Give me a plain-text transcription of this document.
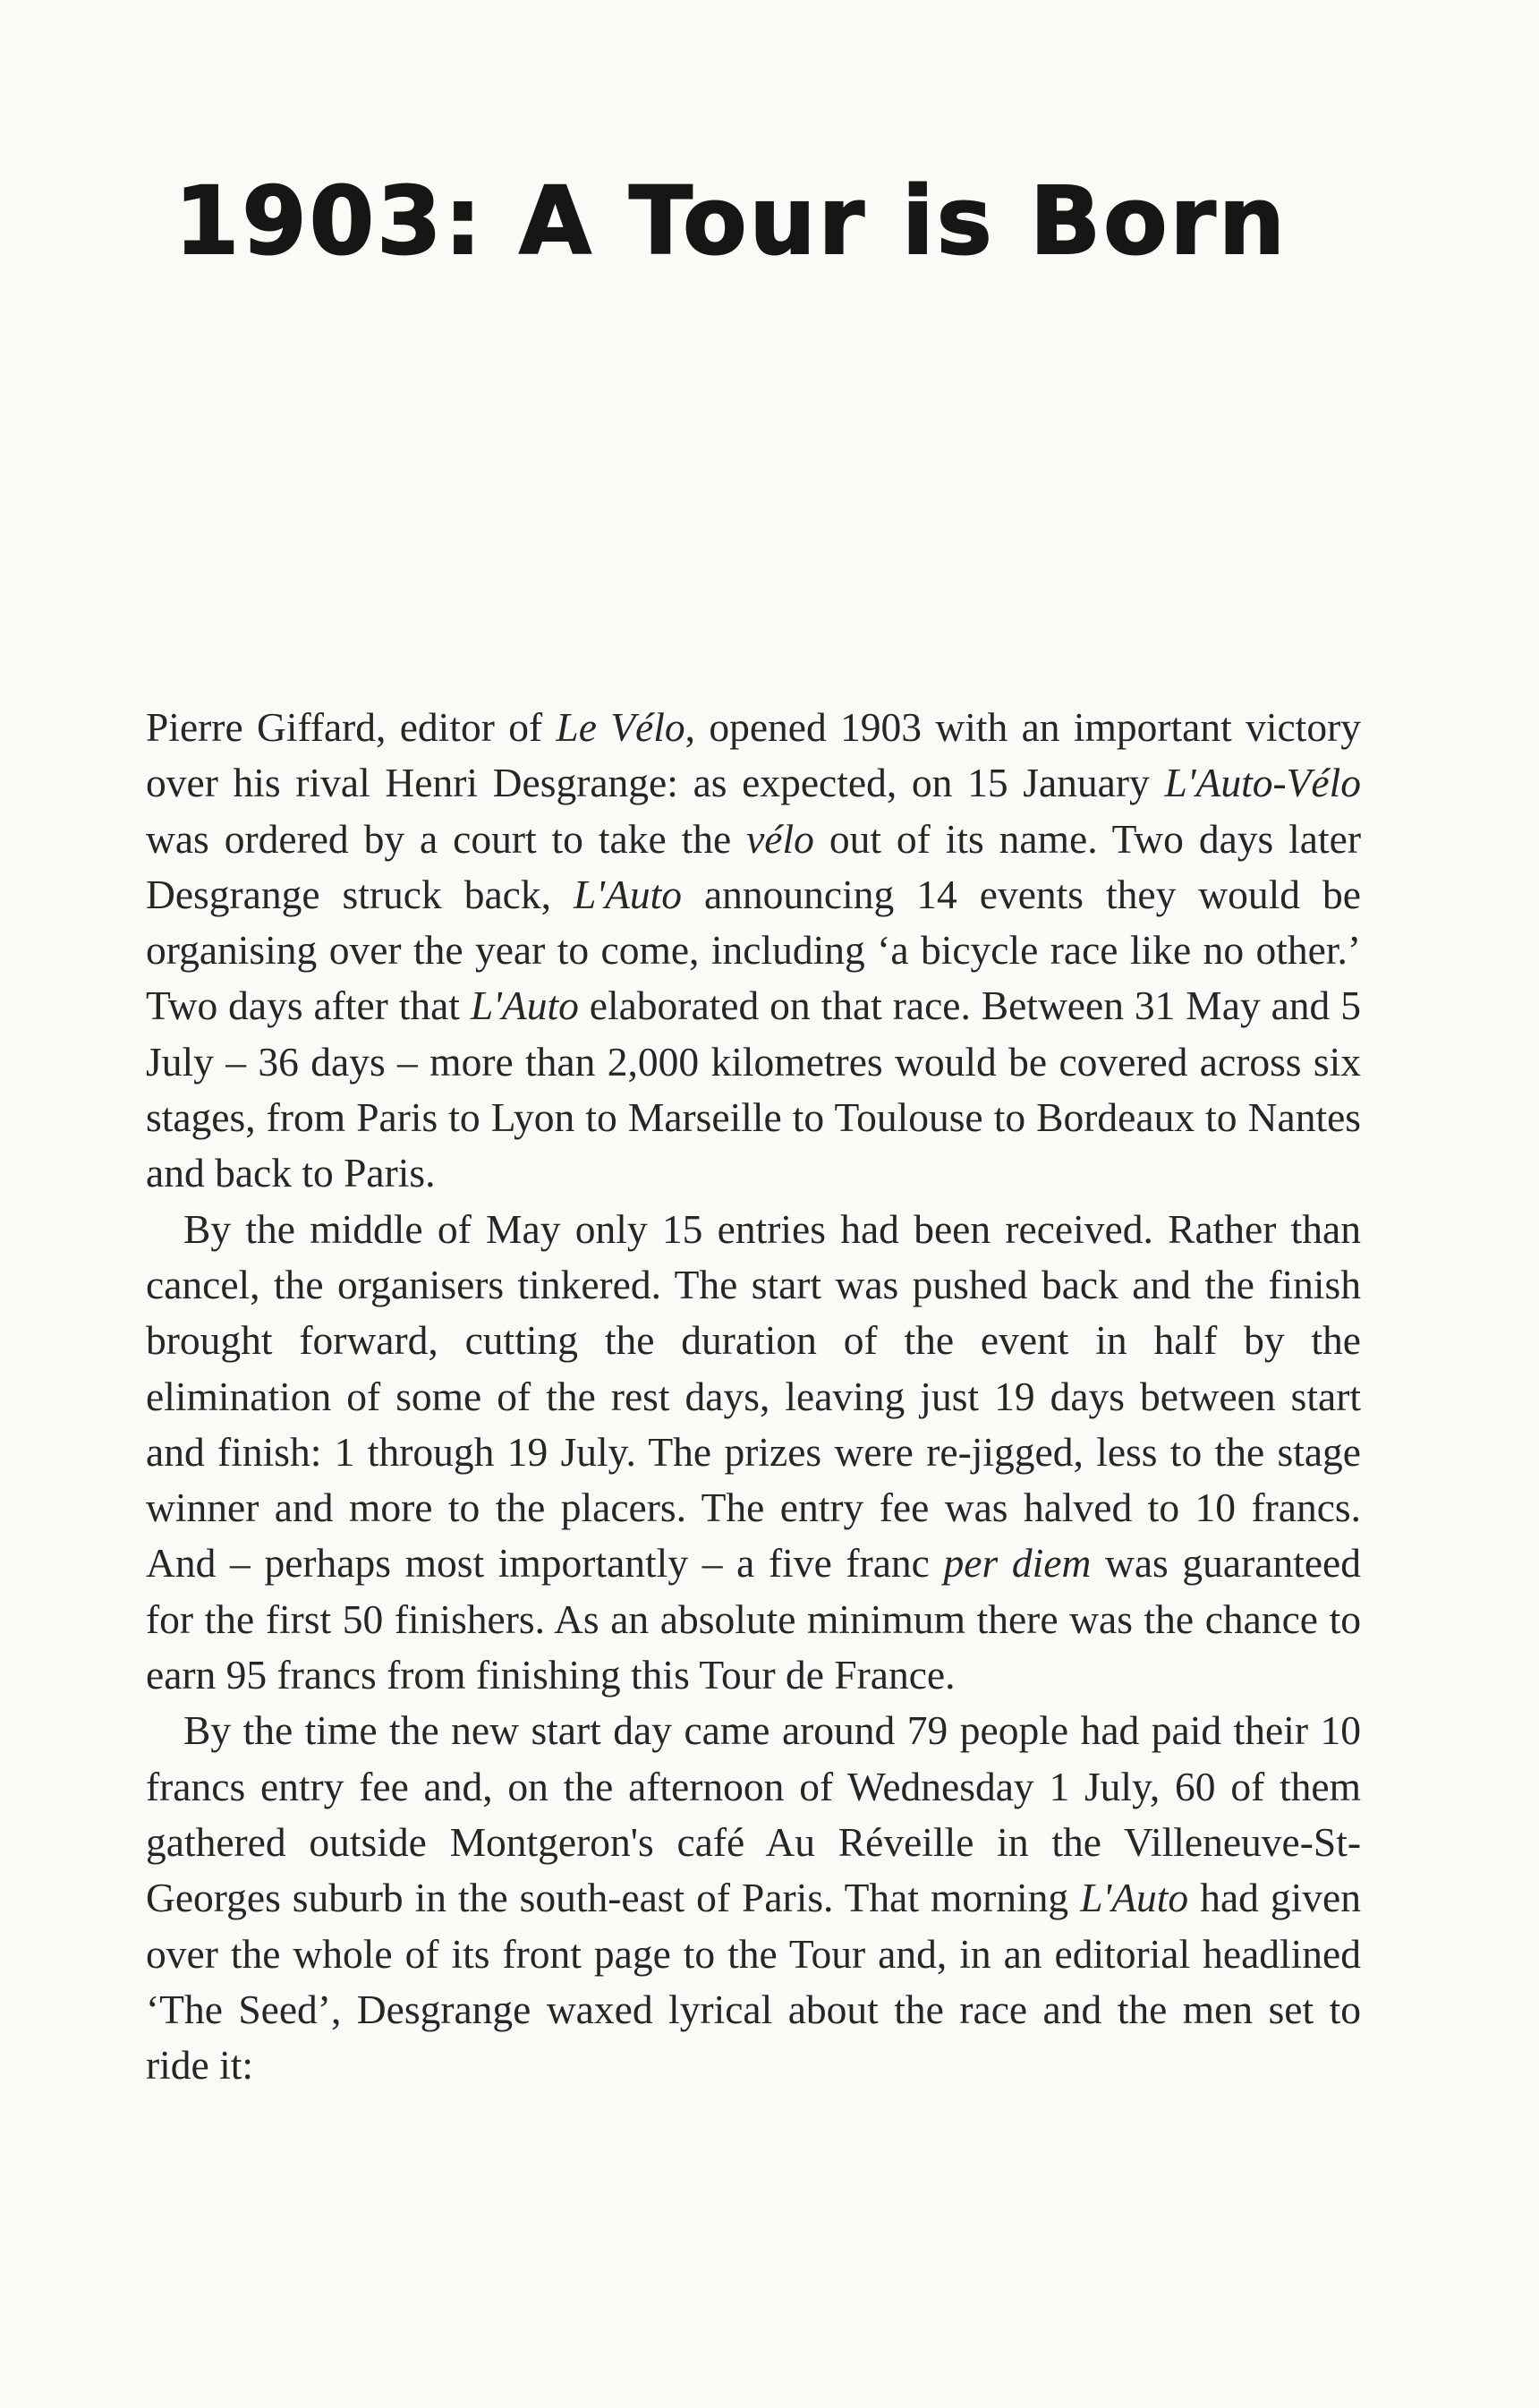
1903: A Tour is Born

Pierre Giffard, editor of Le Vélo, opened 1903 with an important victory over his rival Henri Desgrange: as expected, on 15 January L'Auto-Vélo was ordered by a court to take the vélo out of its name. Two days later Desgrange struck back, L'Auto announcing 14 events they would be organising over the year to come, including ‘a bicycle race like no other.’ Two days after that L'Auto elaborated on that race. Between 31 May and 5 July – 36 days – more than 2,000 kilometres would be covered across six stages, from Paris to Lyon to Marseille to Toulouse to Bordeaux to Nantes and back to Paris.

By the middle of May only 15 entries had been received. Rather than cancel, the organisers tinkered. The start was pushed back and the finish brought forward, cutting the duration of the event in half by the elimination of some of the rest days, leaving just 19 days between start and finish: 1 through 19 July. The prizes were re-jigged, less to the stage winner and more to the placers. The entry fee was halved to 10 francs. And – perhaps most importantly – a five franc per diem was guaranteed for the first 50 finishers. As an absolute minimum there was the chance to earn 95 francs from finishing this Tour de France.

By the time the new start day came around 79 people had paid their 10 francs entry fee and, on the afternoon of Wednesday 1 July, 60 of them gathered outside Montgeron's café Au Réveille in the Villeneuve-St-Georges suburb in the south-east of Paris. That morning L'Auto had given over the whole of its front page to the Tour and, in an editorial headlined ‘The Seed’, Desgrange waxed lyrical about the race and the men set to ride it:
